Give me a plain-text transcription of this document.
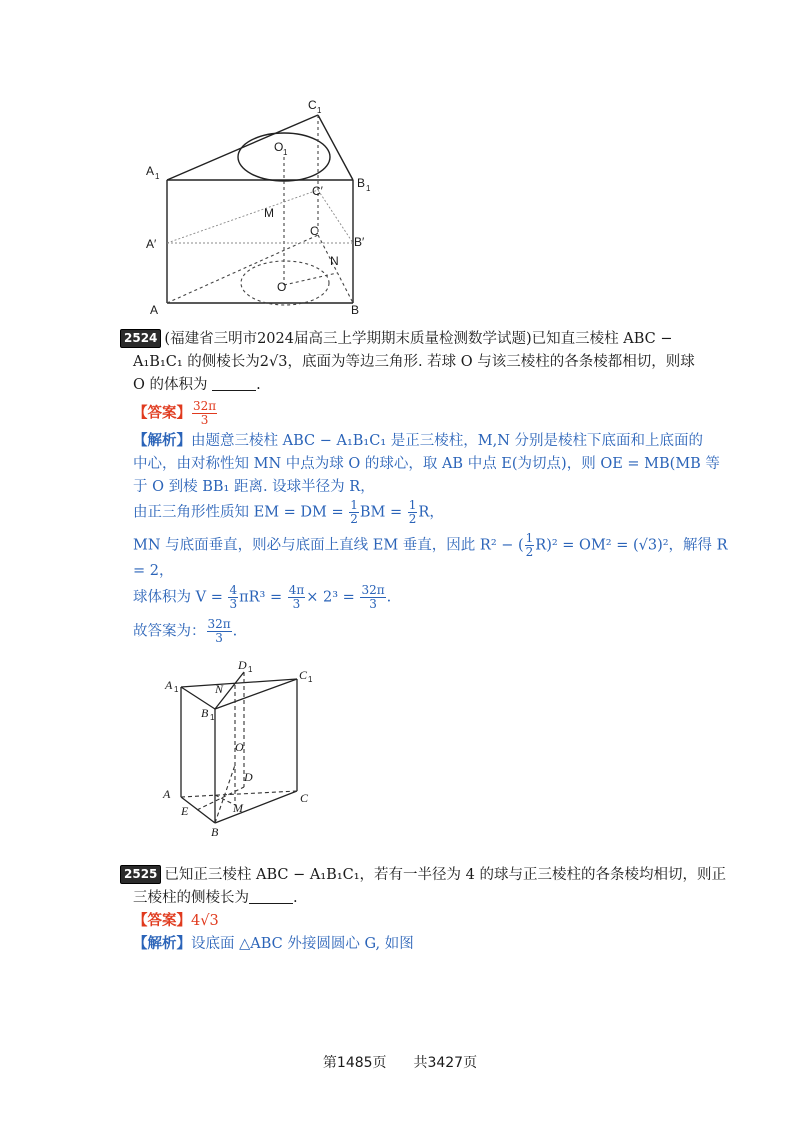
A 1
C 1
O 1
B 1
C′
M
A′	B′
C
N
O
A	B
2524 (福建省三明市2024届高三上学期期末质量检测数学试题)已知直三棱柱 ABC −
A₁B₁C₁ 的侧棱长为2√3，底面为等边三角形. 若球 O 与该三棱柱的各条棱都相切，则球
O 的体积为	.
【答案】 $\frac{32\pi}{3}$
【解析】由题意三棱柱 ABC − A₁B₁C₁ 是正三棱柱，M,N 分别是棱柱下底面和上底面的
中心，由对称性知 MN 中点为球 O 的球心，取 AB 中点 E(为切点)，则 OE = MB(MB 等
于 O 到棱 BB₁ 距离. 设球半径为 R，
由正三角形性质知 EM = DM = $\frac{1}{2}$ BM = $\frac{1}{2}$ R，
MN 与底面垂直，则必与底面上直线 EM 垂直，因此 R² − ( $\frac{1}{2} R)^2 = OM^2 = (√3)^2$，解得 R
= 2，
球体积为 $V = \frac{4}{3} \pi R^3 = \frac{4\pi}{3} \times 2^3 = \frac{32\pi}{3}$ .
故答案为： $\frac{32\pi}{3}$ .
A 1
D 1	C 1
N
B 1
O
D
A
E	M
C
B
2525 已知正三棱柱 ABC − A₁B₁C₁，若有一半径为 4 的球与正三棱柱的各条棱均相切，则正
三棱柱的侧棱长为	.
【答案】4√3
【解析】设底面 △ABC 外接圆圆心 G, 如图
第1485页 共3427页
